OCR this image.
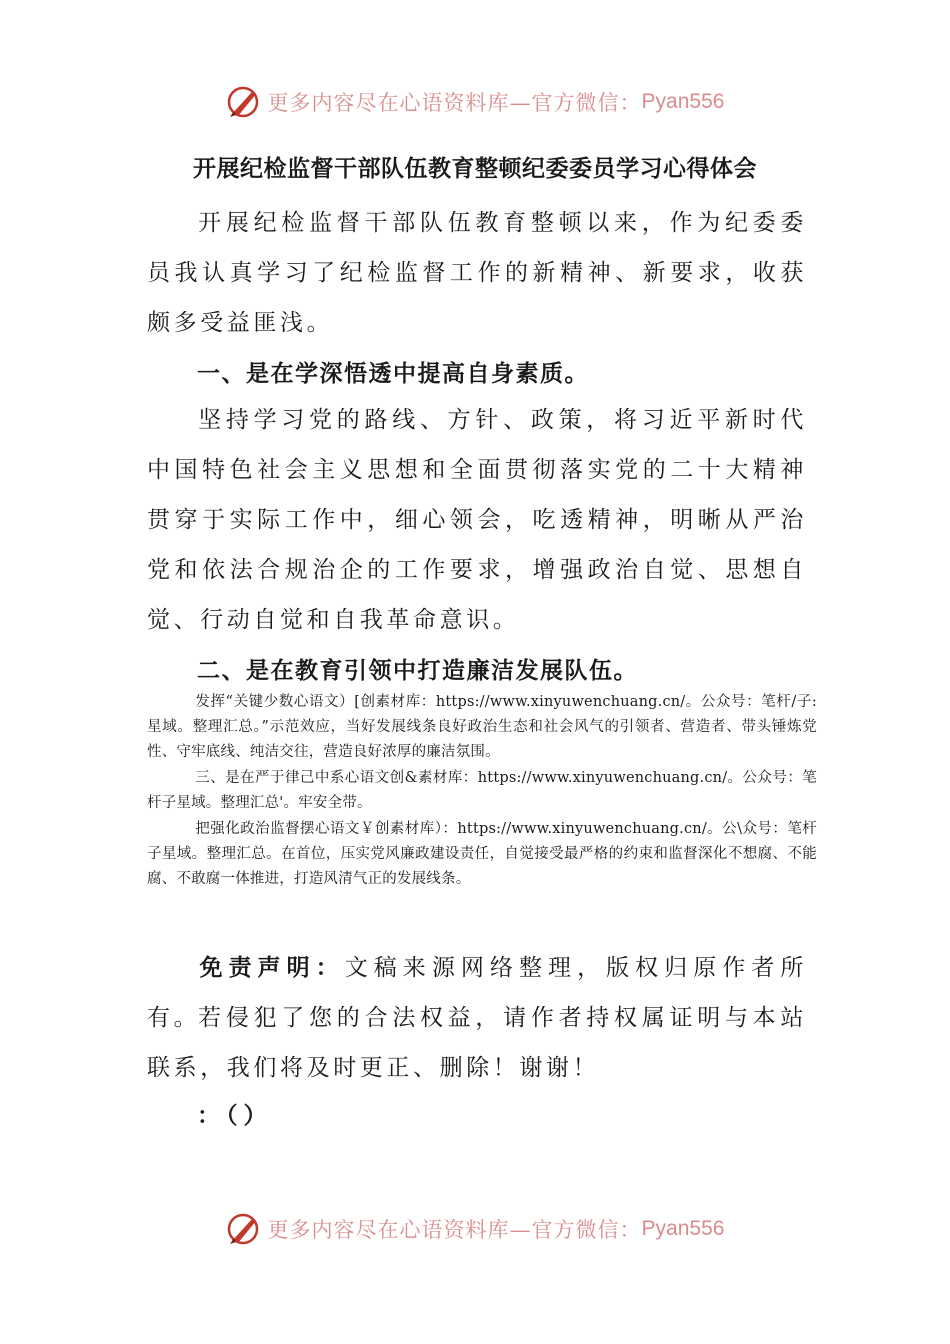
更多内容尽在心语资料库—官方微信： Pyan556
开展纪检监督干部队伍教育整顿纪委委员学习心得体会

开展纪检监督干部队伍教育整顿以来，作为纪委委员我认真学习了纪检监督工作的新精神、新要求，收获颇多受益匪浅。

一、是在学深悟透中提高自身素质。

坚持学习党的路线、方针、政策，将习近平新时代中国特色社会主义思想和全面贯彻落实党的二十大精神贯穿于实际工作中，细心领会，吃透精神，明晰从严治党和依法合规治企的工作要求，增强政治自觉、思想自觉、行动自觉和自我革命意识。

二、是在教育引领中打造廉洁发展队伍。

发挥“关键少数心语文）[创素材库：https://www.xinyuwenchuang.cn/。公众号：笔杆/子:星域。整理汇总。”示范效应，当好发展线条良好政治生态和社会风气的引领者、营造者、带头锤炼党性、守牢底线、纯洁交往，营造良好浓厚的廉洁氛围。

三、是在严于律己中系心语文创&素材库：https://www.xinyuwenchuang.cn/。公众号：笔杆子星域。整理汇总'。牢安全带。

把强化政治监督摆心语文￥创素材库）：https://www.xinyuwenchuang.cn/。公\众号：笔杆子星域。整理汇总。在首位，压实党风廉政建设责任，自觉接受最严格的约束和监督深化不想腐、不能腐、不敢腐一体推进，打造风清气正的发展线条。

免责声明：文稿来源网络整理，版权归原作者所有。

若侵犯了您的合法权益，请作者持权属证明与本站联系，我们将及时更正、删除！谢谢！

：（）
更多内容尽在心语资料库—官方微信： Pyan556
